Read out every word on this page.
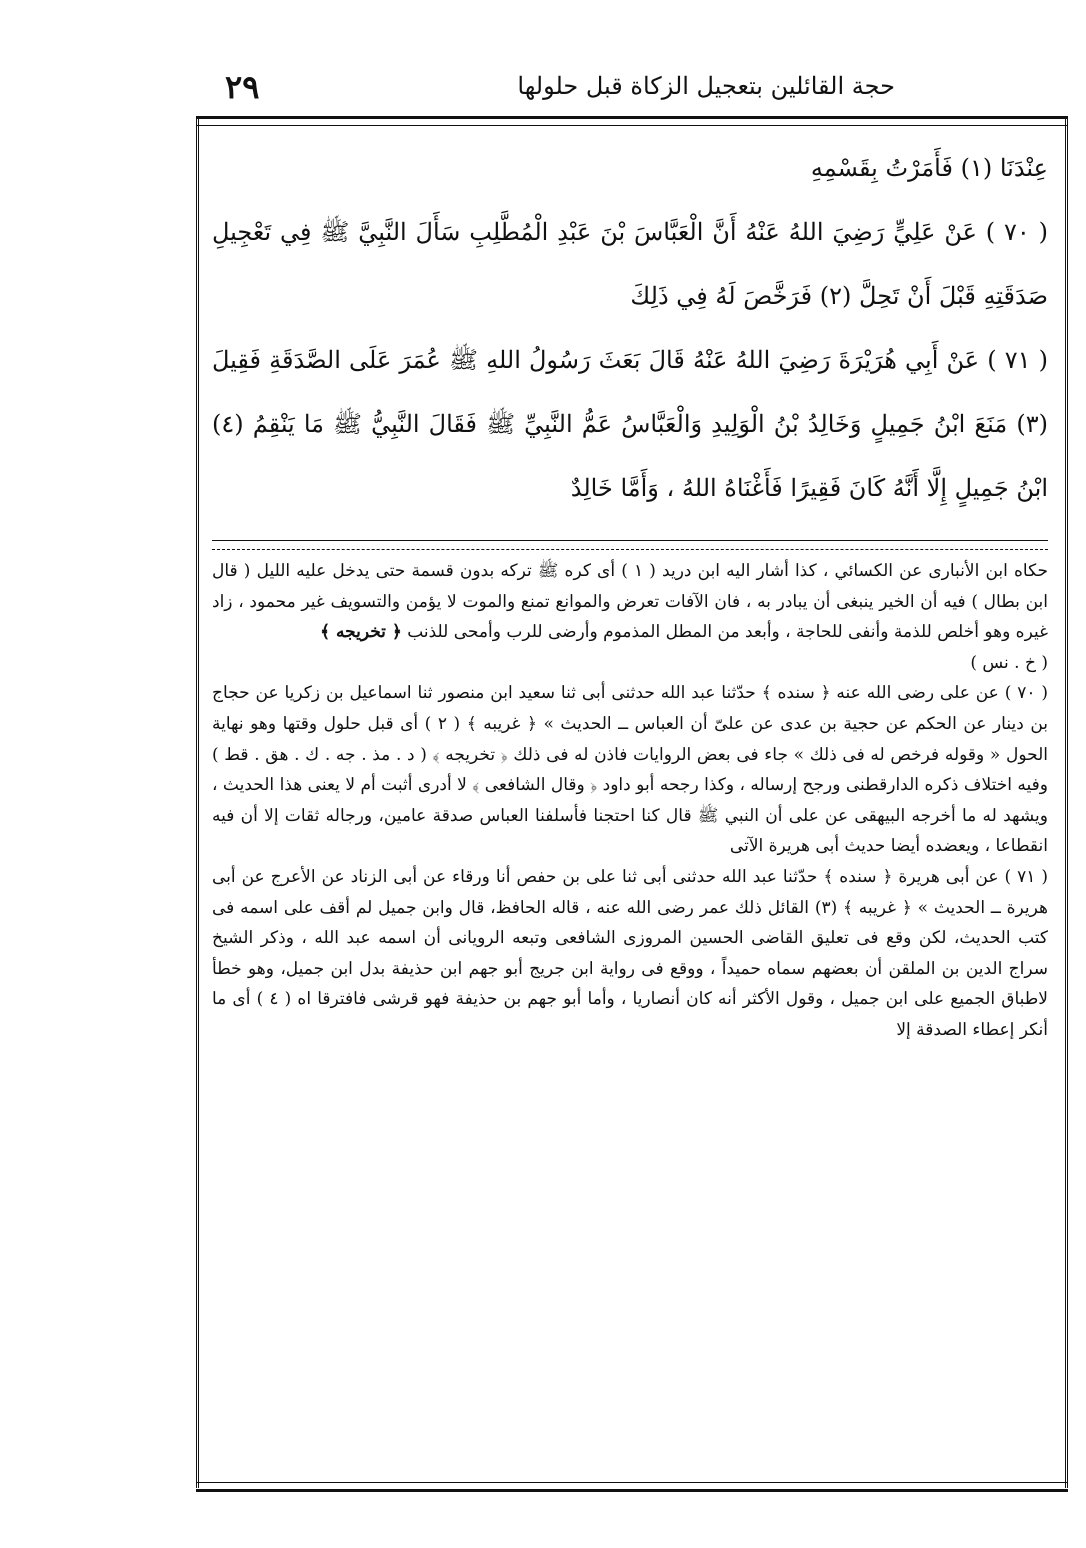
٢٩	حجة القائلين بتعجيل الزكاة قبل حلولها

عِنْدَنَا (١) فَأَمَرْتُ بِقَسْمِهِ

( ٧٠ ) عَنْ عَلِيٍّ رَضِيَ اللهُ عَنْهُ أَنَّ الْعَبَّاسَ بْنَ عَبْدِ الْمُطَّلِبِ سَأَلَ النَّبِيَّ ﷺ فِي تَعْجِيلِ صَدَقَتِهِ قَبْلَ أَنْ تَحِلَّ (٢) فَرَخَّصَ لَهُ فِي ذَلِكَ

( ٧١ ) عَنْ أَبِي هُرَيْرَةَ رَضِيَ اللهُ عَنْهُ قَالَ بَعَثَ رَسُولُ اللهِ ﷺ عُمَرَ عَلَى الصَّدَقَةِ فَقِيلَ (٣) مَنَعَ ابْنُ جَمِيلٍ وَخَالِدُ بْنُ الْوَلِيدِ وَالْعَبَّاسُ عَمُّ النَّبِيِّ ﷺ فَقَالَ النَّبِيُّ ﷺ مَا يَنْقِمُ (٤) ابْنُ جَمِيلٍ إِلَّا أَنَّهُ كَانَ فَقِيرًا فَأَغْنَاهُ اللهُ ، وَأَمَّا خَالِدٌ

حكاه ابن الأنبارى عن الكسائي ، كذا أشار اليه ابن دريد ( ١ ) أى كره ﷺ تركه بدون قسمة حتى يدخل عليه الليل ( قال ابن بطال ) فيه أن الخير ينبغى أن يبادر به ، فان الآفات تعرض والموانع تمنع والموت لا يؤمن والتسويف غير محمود ، زاد غيره وهو أخلص للذمة وأنفى للحاجة ، وأبعد من المطل المذموم وأرضى للرب وأمحى للذنب ﴿ تخريجه ﴾

( خ . نس )

( ٧٠ ) عن على رضى الله عنه ﴿ سنده ﴾ حدّثنا عبد الله حدثنى أبى ثنا سعيد ابن منصور ثنا اسماعيل بن زكريا عن حجاج بن دينار عن الحكم عن حجية بن عدى عن علىّ أن العباس ــ الحديث » ﴿ غريبه ﴾ ( ٢ ) أى قبل حلول وقتها وهو نهاية الحول « وقوله فرخص له فى ذلك » جاء فى بعض الروايات فاذن له فى ذلك ﴿ تخريجه ﴾ ( د . مذ . جه . ك . هق . قط ) وفيه اختلاف ذكره الدارقطنى ورجح إرساله ، وكذا رجحه أبو داود ﴿ وقال الشافعى ﴾ لا أدرى أثبت أم لا يعنى هذا الحديث ، ويشهد له ما أخرجه البيهقى عن على أن النبي ﷺ قال كنا احتجنا فأسلفنا العباس صدقة عامين، ورجاله ثقات إلا أن فيه انقطاعا ، ويعضده أيضا حديث أبى هريرة الآتى

( ٧١ ) عن أبى هريرة ﴿ سنده ﴾ حدّثنا عبد الله حدثنى أبى ثنا على بن حفص أنا ورقاء عن أبى الزناد عن الأعرج عن أبى هريرة ــ الحديث » ﴿ غريبه ﴾ (٣) القائل ذلك عمر رضى الله عنه ، قاله الحافظ، قال وابن جميل لم أقف على اسمه فى كتب الحديث، لكن وقع فى تعليق القاضى الحسين المروزى الشافعى وتبعه الرويانى أن اسمه عبد الله ، وذكر الشيخ سراج الدين بن الملقن أن بعضهم سماه حميداً ، ووقع فى رواية ابن جريج أبو جهم ابن حذيفة بدل ابن جميل، وهو خطأ لاطباق الجميع على ابن جميل ، وقول الأكثر أنه كان أنصاريا ، وأما أبو جهم بن حذيفة فهو قرشى فافترقا اه ( ٤ ) أى ما أنكر إعطاء الصدقة إلا
